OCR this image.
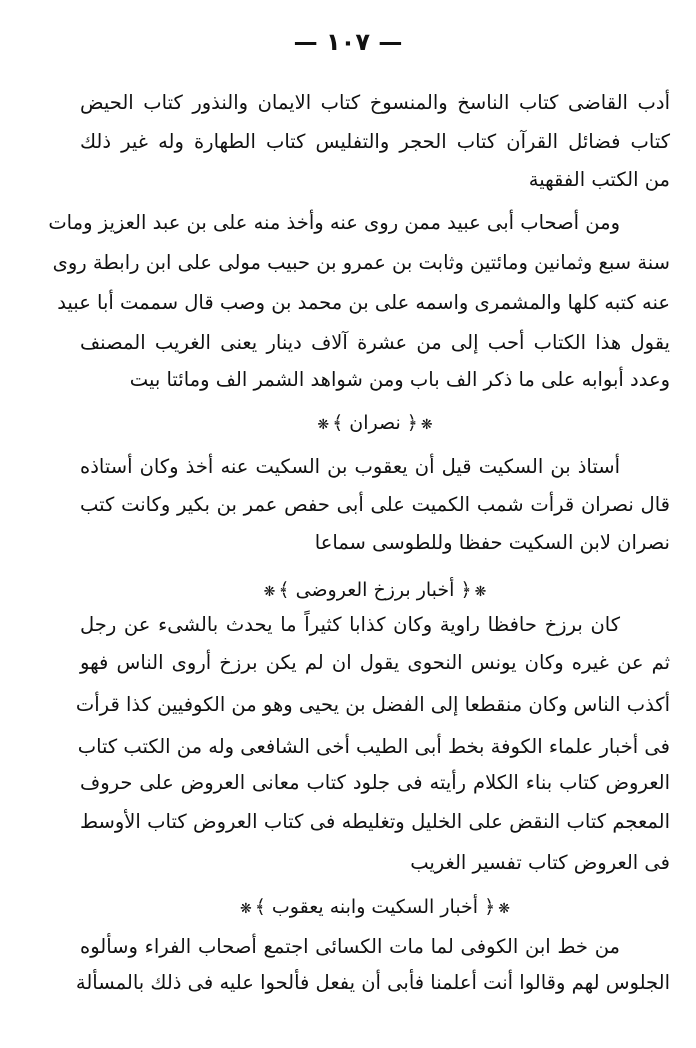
— ١٠٧ —
أدب القاضى كتاب الناسخ والمنسوخ كتاب الايمان والنذور كتاب الحيض
كتاب فضائل القرآن كتاب الحجر والتفليس كتاب الطهارة وله غير ذلك
من الكتب الفقهية
ومن أصحاب أبى عبيد ممن روى عنه وأخذ منه على بن عبد العزيز ومات
سنة سبع وثمانين ومائتين وثابت بن عمرو بن حبيب مولى على ابن رابطة روى
عنه كتبه كلها والمشمرى واسمه على بن محمد بن وصب قال سممت أبا عبيد
يقول هذا الكتاب أحب إلى من عشرة آلاف دينار يعنى الغريب المصنف
وعدد أبوابه على ما ذكر الف باب ومن شواهد الشمر الف ومائتا بيت
❋﴿ نصران ﴾❋
أستاذ بن السكيت قيل أن يعقوب بن السكيت عنه أخذ وكان أستاذه
قال نصران قرأت شمب الكميت على أبى حفص عمر بن بكير وكانت كتب
نصران لابن السكيت حفظا وللطوسى سماعا
❋﴿ أخبار برزخ العروضى ﴾❋
كان برزخ حافظا راوية وكان كذابا كثيراً ما يحدث بالشىء عن رجل
ثم عن غيره وكان يونس النحوى يقول ان لم يكن برزخ أروى الناس فهو
أكذب الناس وكان منقطعا إلى الفضل بن يحيى وهو من الكوفيين كذا قرأت
فى أخبار علماء الكوفة بخط أبى الطيب أخى الشافعى وله من الكتب كتاب
العروض كتاب بناء الكلام رأيته فى جلود كتاب معانى العروض على حروف
المعجم كتاب النقض على الخليل وتغليطه فى كتاب العروض كتاب الأوسط
فى العروض كتاب تفسير الغريب
❋﴿ أخبار السكيت وابنه يعقوب ﴾❋
من خط ابن الكوفى لما مات الكسائى اجتمع أصحاب الفراء وسألوه
الجلوس لهم وقالوا أنت أعلمنا فأبى أن يفعل فألحوا عليه فى ذلك بالمسألة
